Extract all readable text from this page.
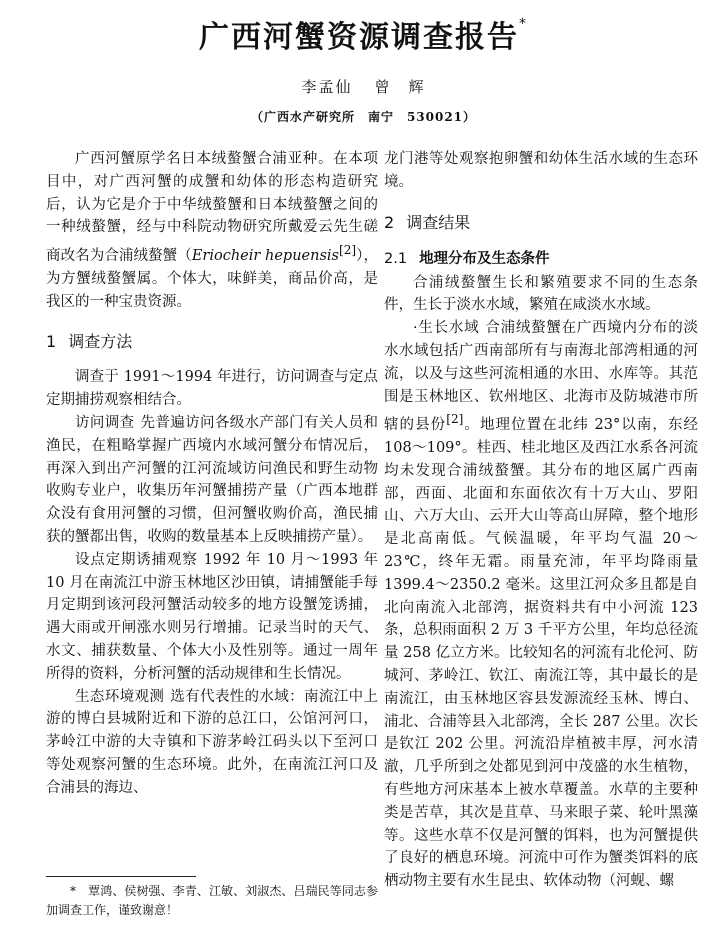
广西河蟹资源调查报告*
李孟仙 曾　辉
（广西水产研究所　南宁　530021）

广西河蟹原学名日本绒螯蟹合浦亚种。在本项目中，对广西河蟹的成蟹和幼体的形态构造研究后，认为它是介于中华绒螯蟹和日本绒螯蟹之间的一种绒螯蟹，经与中科院动物研究所戴爱云先生磋商改名为合浦绒螯蟹（Eriocheir hepuensis[2]），为方蟹绒螯蟹属。个体大，味鲜美，商品价高，是我区的一种宝贵资源。

1 调查方法

调查于 1991～1994 年进行，访问调查与定点定期捕捞观察相结合。

访问调查 先普遍访问各级水产部门有关人员和渔民，在粗略掌握广西境内水域河蟹分布情况后，再深入到出产河蟹的江河流域访问渔民和野生动物收购专业户，收集历年河蟹捕捞产量（广西本地群众没有食用河蟹的习惯，但河蟹收购价高，渔民捕获的蟹都出售，收购的数量基本上反映捕捞产量）。

设点定期诱捕观察 1992 年 10 月～1993 年 10 月在南流江中游玉林地区沙田镇，请捕蟹能手每月定期到该河段河蟹活动较多的地方设蟹笼诱捕，遇大雨或开闸涨水则另行增捕。记录当时的天气、水文、捕获数量、个体大小及性别等。通过一周年所得的资料，分析河蟹的活动规律和生长情况。

生态环境观测 选有代表性的水域：南流江中上游的博白县城附近和下游的总江口，公馆河河口，茅岭江中游的大寺镇和下游茅岭江码头以下至河口等处观察河蟹的生态环境。此外，在南流江河口及合浦县的海边、

*　覃鸿、侯树强、李青、江敏、刘淑杰、吕瑞民等同志参加调查工作，谨致谢意！

龙门港等处观察抱卵蟹和幼体生活水域的生态环境。

2 调查结果
2.1 地理分布及生态条件

合浦绒螯蟹生长和繁殖要求不同的生态条件，生长于淡水水域，繁殖在咸淡水水域。

·生长水域 合浦绒螯蟹在广西境内分布的淡水水域包括广西南部所有与南海北部湾相通的河流，以及与这些河流相通的水田、水库等。其范围是玉林地区、钦州地区、北海市及防城港市所辖的县份[2]。地理位置在北纬 23°以南，东经 108～109°。桂西、桂北地区及西江水系各河流均未发现合浦绒螯蟹。其分布的地区属广西南部，西面、北面和东面依次有十万大山、罗阳山、六万大山、云开大山等高山屏障，整个地形是北高南低。气候温暖，年平均气温 20～23℃，终年无霜。雨量充沛，年平均降雨量 1399.4～2350.2 毫米。这里江河众多且都是自北向南流入北部湾，据资料共有中小河流 123 条，总积雨面积 2 万 3 千平方公里，年均总径流量 258 亿立方米。比较知名的河流有北伦河、防城河、茅岭江、钦江、南流江等，其中最长的是南流江，由玉林地区容县发源流经玉林、博白、浦北、合浦等县入北部湾，全长 287 公里。次长是钦江 202 公里。河流沿岸植被丰厚，河水清澈，几乎所到之处都见到河中茂盛的水生植物，有些地方河床基本上被水草覆盖。水草的主要种类是苦草，其次是苴草、马来眼子菜、轮叶黑藻等。这些水草不仅是河蟹的饵料，也为河蟹提供了良好的栖息环境。河流中可作为蟹类饵料的底栖动物主要有水生昆虫、软体动物（河蚬、螺
